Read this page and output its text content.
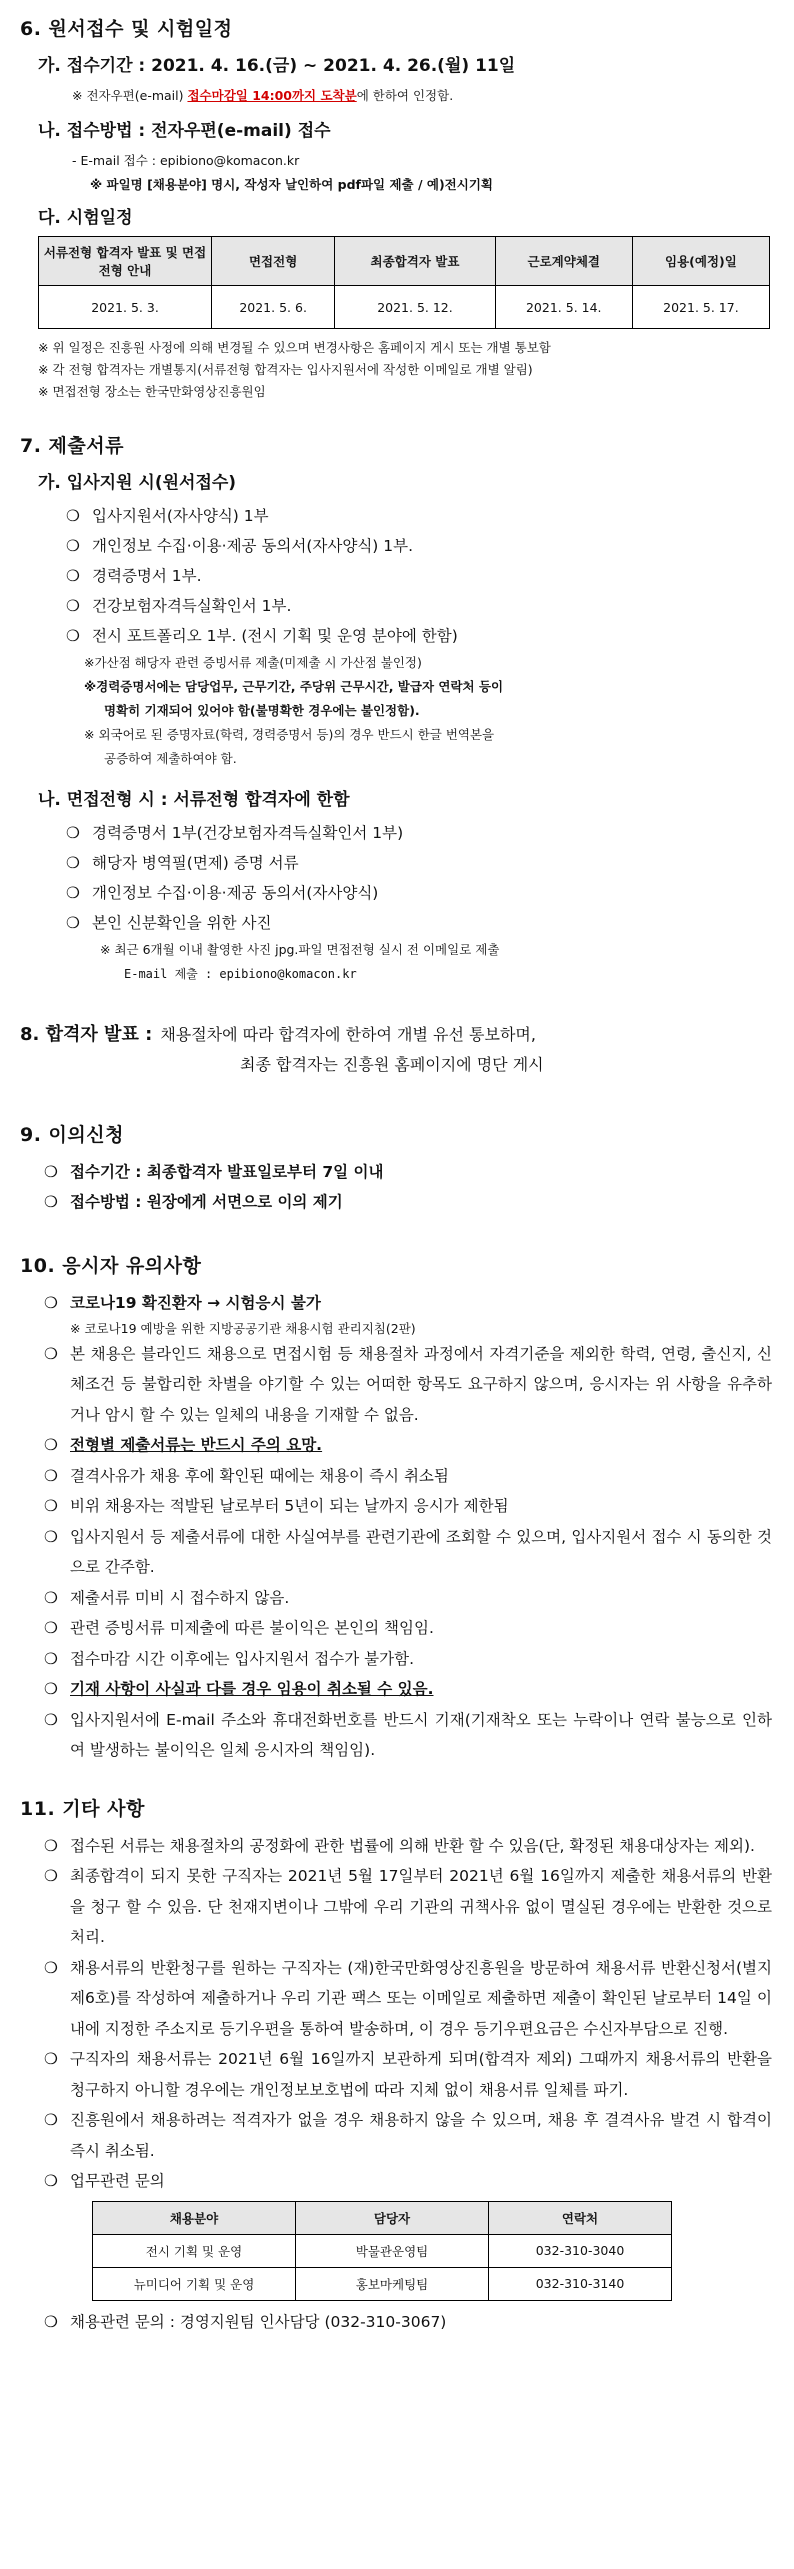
6. 원서접수 및 시험일정
가. 접수기간 : 2021. 4. 16.(금) ~ 2021. 4. 26.(월) 11일
※ 전자우편(e-mail) 접수마감일 14:00까지 도착분에 한하여 인정함.
나. 접수방법 : 전자우편(e-mail) 접수
- E-mail 접수 : epibiono@komacon.kr
※ 파일명 [채용분야] 명시, 작성자 날인하여 pdf파일 제출 / 예)전시기획
다. 시험일정
서류전형 합격자 발표 및 면접전형 안내	면접전형	최종합격자 발표	근로계약체결	임용(예정)일
2021. 5. 3.	2021. 5. 6.	2021. 5. 12.	2021. 5. 14.	2021. 5. 17.
※ 위 일정은 진흥원 사정에 의해 변경될 수 있으며 변경사항은 홈페이지 게시 또는 개별 통보함
※ 각 전형 합격자는 개별통지(서류전형 합격자는 입사지원서에 작성한 이메일로 개별 알림)
※ 면접전형 장소는 한국만화영상진흥원임
7. 제출서류
가. 입사지원 시(원서접수)
❍ 입사지원서(자사양식) 1부
❍ 개인정보 수집·이용·제공 동의서(자사양식) 1부.
❍ 경력증명서 1부.
❍ 건강보험자격득실확인서 1부.
❍ 전시 포트폴리오 1부. (전시 기획 및 운영 분야에 한함)
※가산점 해당자 관련 증빙서류 제출(미제출 시 가산점 불인정)
※경력증명서에는 담당업무, 근무기간, 주당위 근무시간, 발급자 연락처 등이
명확히 기재되어 있어야 함(불명확한 경우에는 불인정함).
※ 외국어로 된 증명자료(학력, 경력증명서 등)의 경우 반드시 한글 번역본을
공증하여 제출하여야 함.
나. 면접전형 시 : 서류전형 합격자에 한함
❍ 경력증명서 1부(건강보험자격득실확인서 1부)
❍ 해당자 병역필(면제) 증명 서류
❍ 개인정보 수집·이용·제공 동의서(자사양식)
❍ 본인 신분확인을 위한 사진
※ 최근 6개월 이내 촬영한 사진 jpg.파일 면접전형 실시 전 이메일로 제출
E-mail 제출 : epibiono@komacon.kr
8. 합격자 발표 : 채용절차에 따라 합격자에 한하여 개별 유선 통보하며,
최종 합격자는 진흥원 홈페이지에 명단 게시
9. 이의신청
❍ 접수기간 : 최종합격자 발표일로부터 7일 이내
❍ 접수방법 : 원장에게 서면으로 이의 제기
10. 응시자 유의사항
❍ 코로나19 확진환자 → 시험응시 불가
※ 코로나19 예방을 위한 지방공공기관 채용시험 관리지침(2판)
❍ 본 채용은 블라인드 채용으로 면접시험 등 채용절차 과정에서 자격기준을 제외한 학력, 연령, 출신지, 신체조건 등 불합리한 차별을 야기할 수 있는 어떠한 항목도 요구하지 않으며, 응시자는 위 사항을 유추하거나 암시 할 수 있는 일체의 내용을 기재할 수 없음.
❍ 전형별 제출서류는 반드시 주의 요망.
❍ 결격사유가 채용 후에 확인된 때에는 채용이 즉시 취소됨
❍ 비위 채용자는 적발된 날로부터 5년이 되는 날까지 응시가 제한됨
❍ 입사지원서 등 제출서류에 대한 사실여부를 관련기관에 조회할 수 있으며, 입사지원서 접수 시 동의한 것으로 간주함.
❍ 제출서류 미비 시 접수하지 않음.
❍ 관련 증빙서류 미제출에 따른 불이익은 본인의 책임임.
❍ 접수마감 시간 이후에는 입사지원서 접수가 불가함.
❍ 기재 사항이 사실과 다를 경우 임용이 취소될 수 있음.
❍ 입사지원서에 E-mail 주소와 휴대전화번호를 반드시 기재(기재착오 또는 누락이나 연락 불능으로 인하여 발생하는 불이익은 일체 응시자의 책임임).
11. 기타 사항
❍ 접수된 서류는 채용절차의 공정화에 관한 법률에 의해 반환 할 수 있음(단, 확정된 채용대상자는 제외).
❍ 최종합격이 되지 못한 구직자는 2021년 5월 17일부터 2021년 6월 16일까지 제출한 채용서류의 반환을 청구 할 수 있음. 단 천재지변이나 그밖에 우리 기관의 귀책사유 없이 멸실된 경우에는 반환한 것으로 처리.
❍ 채용서류의 반환청구를 원하는 구직자는 (재)한국만화영상진흥원을 방문하여 채용서류 반환신청서(별지 제6호)를 작성하여 제출하거나 우리 기관 팩스 또는 이메일로 제출하면 제출이 확인된 날로부터 14일 이내에 지정한 주소지로 등기우편을 통하여 발송하며, 이 경우 등기우편요금은 수신자부담으로 진행.
❍ 구직자의 채용서류는 2021년 6월 16일까지 보관하게 되며(합격자 제외) 그때까지 채용서류의 반환을 청구하지 아니할 경우에는 개인정보보호법에 따라 지체 없이 채용서류 일체를 파기.
❍ 진흥원에서 채용하려는 적격자가 없을 경우 채용하지 않을 수 있으며, 채용 후 결격사유 발견 시 합격이 즉시 취소됨.
❍ 업무관련 문의
채용분야	담당자	연락처
전시 기획 및 운영	박물관운영팀	032-310-3040
뉴미디어 기획 및 운영	홍보마케팅팀	032-310-3140
❍ 채용관련 문의 : 경영지원팀 인사담당 (032-310-3067)
